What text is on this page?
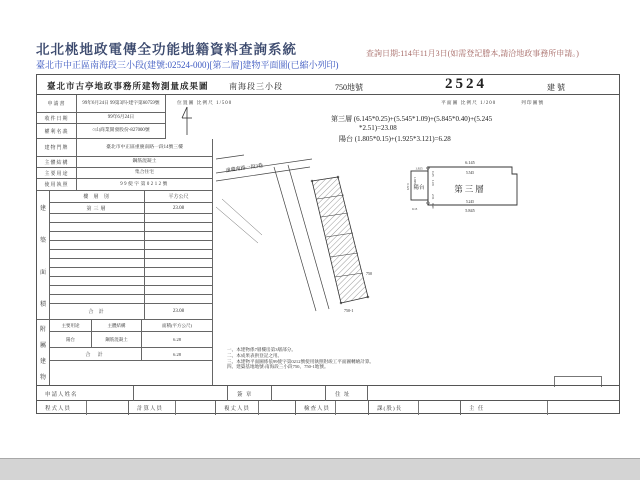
北北桃地政電傳全功能地籍資料查詢系統
臺北市中正區南海段三小段(建號:02524-000)[第二層]建物平面圖(已縮小列印)
查詢日期:114年11月3日(如需登記謄本,請洽地政事務所申請。)
臺北市古亭地政事務所建物測量成果圖	南海段三小段	750地號	2524	建號
申請書	99年6月24日 99第3四-建字第60759號
收件日期	99年6月24日
權利名義	○山商業開發股份-827000號
建物門牌	臺北市中正區重慶南路一段14號三樓
主體結構	鋼筋混凝土
主要用途	集合住宅
使用執照	99使字第0212號
建
築
面
積
樓 層 別	平方公尺
第三層	23.08
合 計	23.08
附
屬
建
物
主要用途	主體結構	面積(平方公尺)
陽台	鋼筋混凝土	6.28
合 計	6.28
位置圖 比例尺 1/500	平面圖 比例尺 1/200	列印圖號
第三層 (6.145*0.25)+(5.545*1.09)+(5.845*0.40)+(5.245
*2.51)=23.08
陽台 (1.805*0.15)+(1.925*3.121)=6.28
重慶南路一段3巷
750
750-1
第三層
陽台
6.145
5.545
5.245
5.845
0.25
1.09
2.51
0.40
1.925
1.805
3.121
0.15
一、本建物係7層樓房第3層部分。
二、本成果表供登記之用。
三、本建物平面圖係依99使字第0212號使用執照附竣工平面圖轉繪計算。
四、建築基地地號:南海段三小段750、750-1地號。
申請人姓名	簽 章	住 址
程式人員	計算人員	複丈人員	檢查人員	課(股)長	主 任
